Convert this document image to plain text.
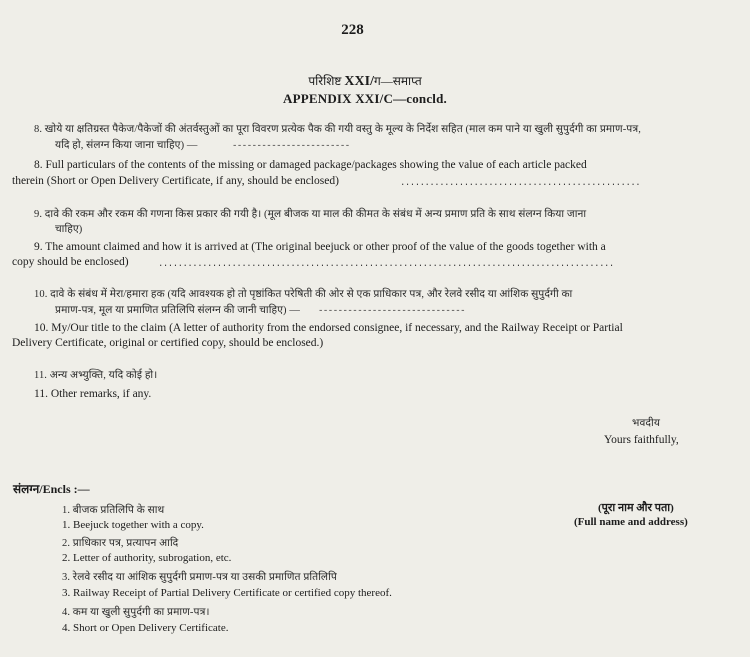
228
परिशिष्ट XXI/ग—समाप्त
APPENDIX XXI/C—concld.
8. खोये या क्षतिग्रस्त पैकेज/पैकेजों की अंतर्वस्तुओं का पूरा विवरण प्रत्येक पैक की गयी वस्तु के मूल्य के निर्देश सहित (माल कम पाने या खुली सुपुर्दगी का प्रमाण-पत्र,
यदि हो, संलग्न किया जाना चाहिए) —	------------------------
8. Full particulars of the contents of the missing or damaged package/packages showing the value of each article packed
therein (Short or Open Delivery Certificate, if any, should be enclosed)	.................................................
9. दावे की रकम और रकम की गणना किस प्रकार की गयी है। (मूल बीजक या माल की कीमत के संबंध में अन्य प्रमाण प्रति के साथ संलग्न किया जाना
चाहिए)
9. The amount claimed and how it is arrived at (The original beejuck or other proof of the value of the goods together with a
copy should be enclosed)	.............................................................................................
10. दावे के संबंध में मेरा/हमारा हक (यदि आवश्यक हो तो पृष्ठांकित परेषिती की ओर से एक प्राधिकार पत्र, और रेलवे रसीद या आंशिक सुपुर्दगी का
प्रमाण-पत्र, मूल या प्रमाणित प्रतिलिपि संलग्न की जानी चाहिए) — ------------------------------
10. My/Our title to the claim (A letter of authority from the endorsed consignee, if necessary, and the Railway Receipt or Partial
Delivery Certificate, original or certified copy, should be enclosed.)
11. अन्य अभ्युक्ति, यदि कोई हो।
11. Other remarks, if any.
भवदीय
Yours faithfully,
संलग्न/Encls :—
1. बीजक प्रतिलिपि के साथ
1. Beejuck together with a copy.
2. प्राधिकार पत्र, प्रत्यापन आदि
2. Letter of authority, subrogation, etc.
3. रेलवे रसीद या आंशिक सुपुर्दगी प्रमाण-पत्र या उसकी प्रमाणित प्रतिलिपि
3. Railway Receipt of Partial Delivery Certificate or certified copy thereof.
4. कम या खुली सुपुर्दगी का प्रमाण-पत्र।
4. Short or Open Delivery Certificate.
(पूरा नाम और पता)
(Full name and address)
